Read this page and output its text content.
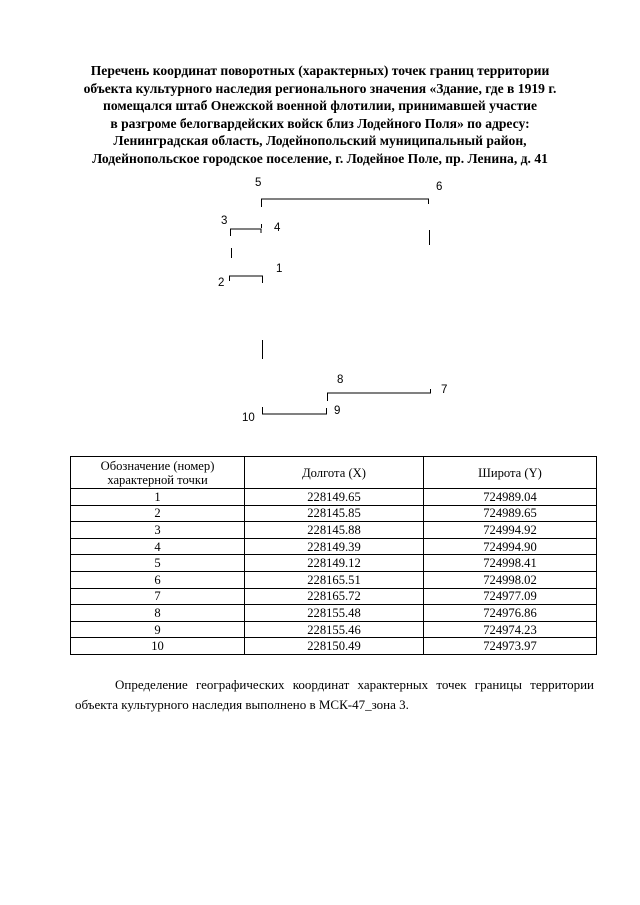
Перечень координат поворотных (характерных) точек границ территории
объекта культурного наследия регионального значения «Здание, где в 1919 г.
помещался штаб Онежской военной флотилии, принимавшей участие
в разгроме белогвардейских войск близ Лодейного Поля» по адресу:
Ленинградская область, Лодейнопольский муниципальный район,
Лодейнопольское городское поселение, г. Лодейное Поле, пр. Ленина, д. 41
1
2
3
4
5	6
7
8
9
10
Обозначение (номер) характерной точки	Долгота (X)	Широта (Y)
1	228149.65	724989.04
2	228145.85	724989.65
3	228145.88	724994.92
4	228149.39	724994.90
5	228149.12	724998.41
6	228165.51	724998.02
7	228165.72	724977.09
8	228155.48	724976.86
9	228155.46	724974.23
10	228150.49	724973.97
Определение географических координат характерных точек границы территории объекта культурного наследия выполнено в МСК-47_зона 3.
